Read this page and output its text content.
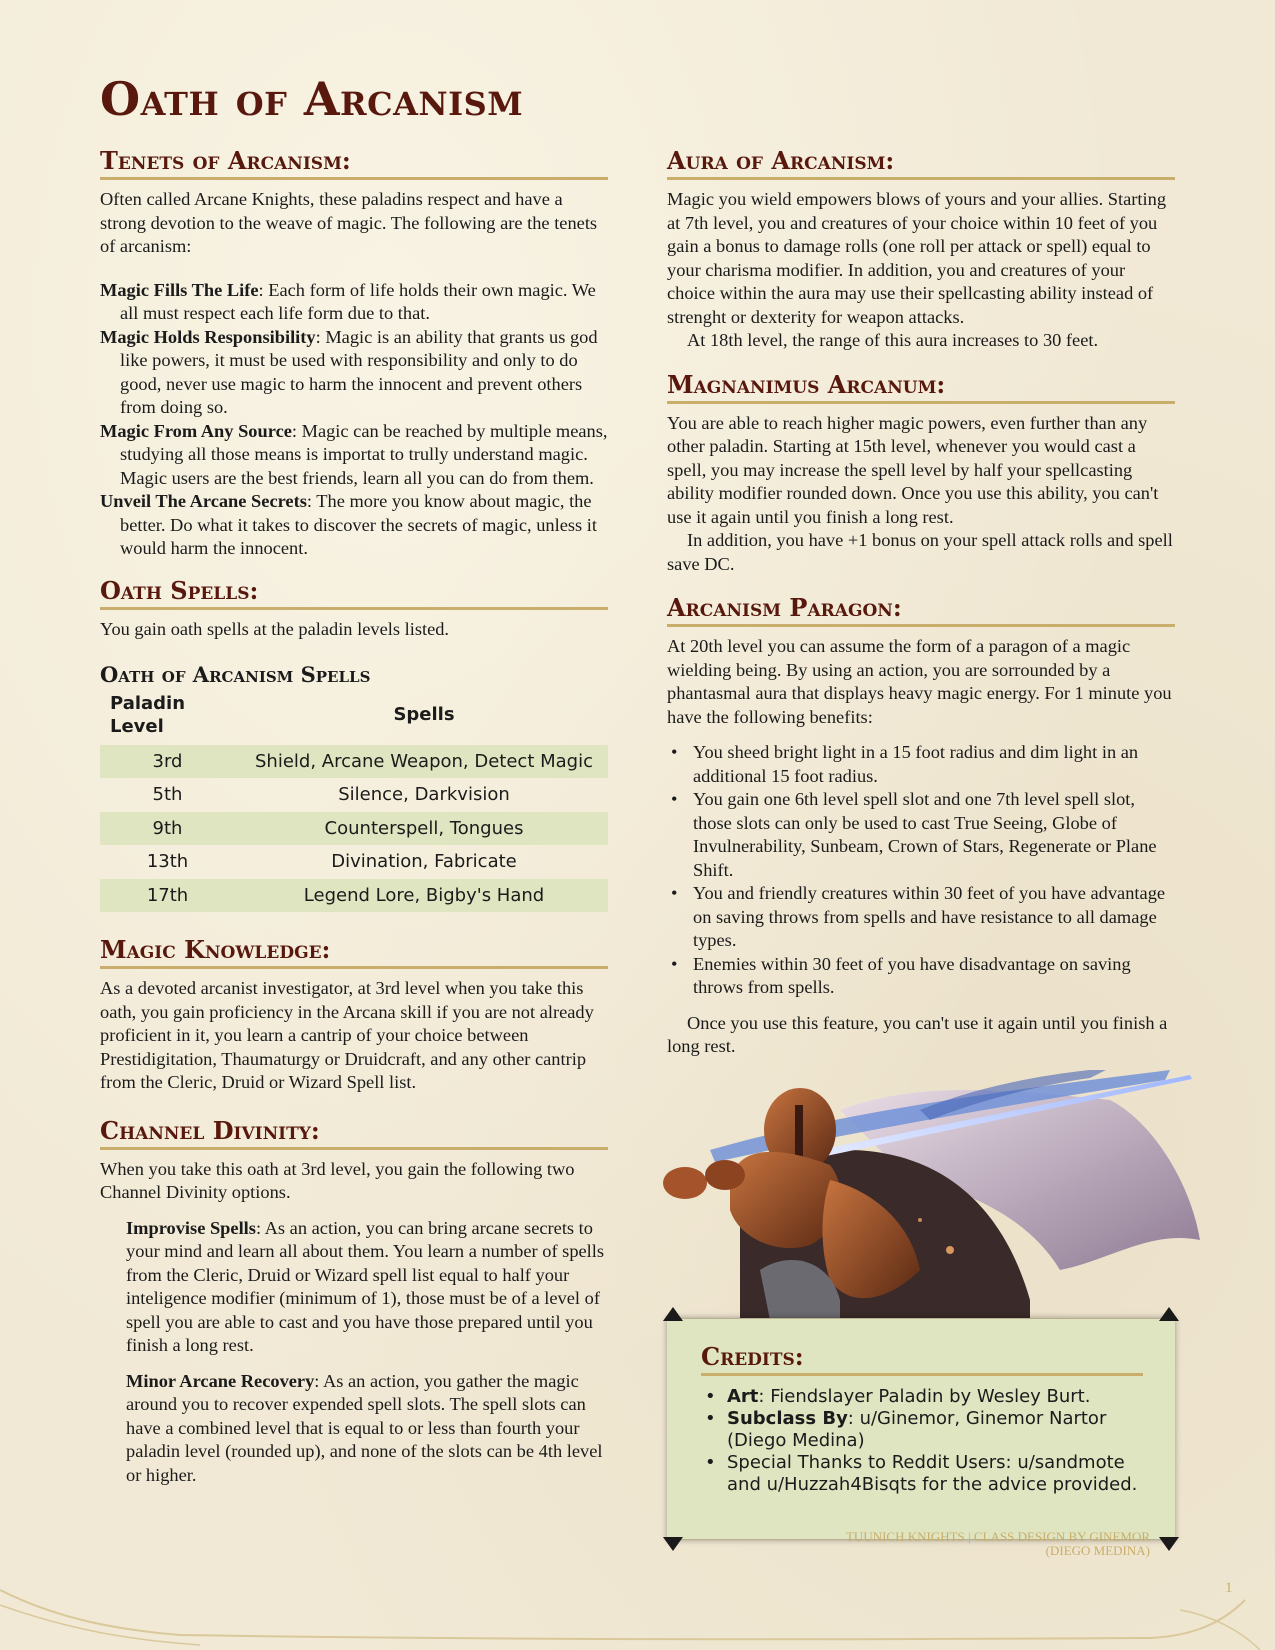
Oath of Arcanism
Tenets of Arcanism:

Often called Arcane Knights, these paladins respect and have a strong devotion to the weave of magic. The following are the tenets of arcanism:

Magic Fills The Life: Each form of life holds their own magic. We all must respect each life form due to that.

Magic Holds Responsibility: Magic is an ability that grants us god like powers, it must be used with responsibility and only to do good, never use magic to harm the innocent and prevent others from doing so.

Magic From Any Source: Magic can be reached by multiple means, studying all those means is importat to trully understand magic. Magic users are the best friends, learn all you can do from them.

Unveil The Arcane Secrets: The more you know about magic, the better. Do what it takes to discover the secrets of magic, unless it would harm the innocent.

Oath Spells:

You gain oath spells at the paladin levels listed.

Oath of Arcanism Spells
Paladin Level	Spells
3rd	Shield, Arcane Weapon, Detect Magic
5th	Silence, Darkvision
9th	Counterspell, Tongues
13th	Divination, Fabricate
17th	Legend Lore, Bigby's Hand
Magic Knowledge:

As a devoted arcanist investigator, at 3rd level when you take this oath, you gain proficiency in the Arcana skill if you are not already proficient in it, you learn a cantrip of your choice between Prestidigitation, Thaumaturgy or Druidcraft, and any other cantrip from the Cleric, Druid or Wizard Spell list.

Channel Divinity:

When you take this oath at 3rd level, you gain the following two Channel Divinity options.

Improvise Spells: As an action, you can bring arcane secrets to your mind and learn all about them. You learn a number of spells from the Cleric, Druid or Wizard spell list equal to half your inteligence modifier (minimum of 1), those must be of a level of spell you are able to cast and you have those prepared until you finish a long rest.

Minor Arcane Recovery: As an action, you gather the magic around you to recover expended spell slots. The spell slots can have a combined level that is equal to or less than fourth your paladin level (rounded up), and none of the slots can be 4th level or higher.

Aura of Arcanism:

Magic you wield empowers blows of yours and your allies. Starting at 7th level, you and creatures of your choice within 10 feet of you gain a bonus to damage rolls (one roll per attack or spell) equal to your charisma modifier. In addition, you and creatures of your choice within the aura may use their spellcasting ability instead of strenght or dexterity for weapon attacks.

At 18th level, the range of this aura increases to 30 feet.

Magnanimus Arcanum:

You are able to reach higher magic powers, even further than any other paladin. Starting at 15th level, whenever you would cast a spell, you may increase the spell level by half your spellcasting ability modifier rounded down. Once you use this ability, you can't use it again until you finish a long rest.

In addition, you have +1 bonus on your spell attack rolls and spell save DC.

Arcanism Paragon:

At 20th level you can assume the form of a paragon of a magic wielding being. By using an action, you are sorrounded by a phantasmal aura that displays heavy magic energy. For 1 minute you have the following benefits:

• You sheed bright light in a 15 foot radius and dim light in an additional 15 foot radius.
• You gain one 6th level spell slot and one 7th level spell slot, those slots can only be used to cast True Seeing, Globe of Invulnerability, Sunbeam, Crown of Stars, Regenerate or Plane Shift.
• You and friendly creatures within 30 feet of you have advantage on saving throws from spells and have resistance to all damage types.
• Enemies within 30 feet of you have disadvantage on saving throws from spells.

Once you use this feature, you can't use it again until you finish a long rest.

Credits:
• Art: Fiendslayer Paladin by Wesley Burt.
• Subclass By: u/Ginemor, Ginemor Nartor (Diego Medina)
• Special Thanks to Reddit Users: u/sandmote and u/Huzzah4Bisqts for the advice provided.
TUUNICH KNIGHTS | CLASS DESIGN BY GINEMOR (DIEGO MEDINA)
1
